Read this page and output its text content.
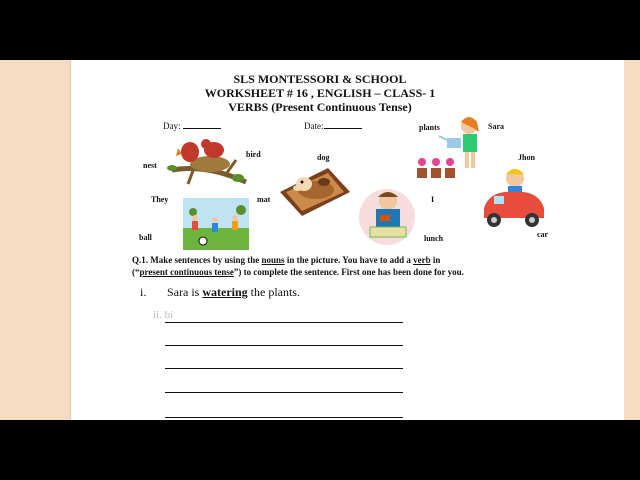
SLS MONTESSORI & SCHOOL
WORKSHEET # 16 , ENGLISH – CLASS- 1
VERBS (Present Continuous Tense)
Day:	Date:
nest
bird	dog
plants	Sara
Jhon
They	mat	I
ball	lunch	car
Q.1. Make sentences by using the nouns in the picture. You have to add a verb in
(“present continuous tense”) to complete the sentence. First one has been done for you.
i. Sara is watering the plants.
ii. bi
